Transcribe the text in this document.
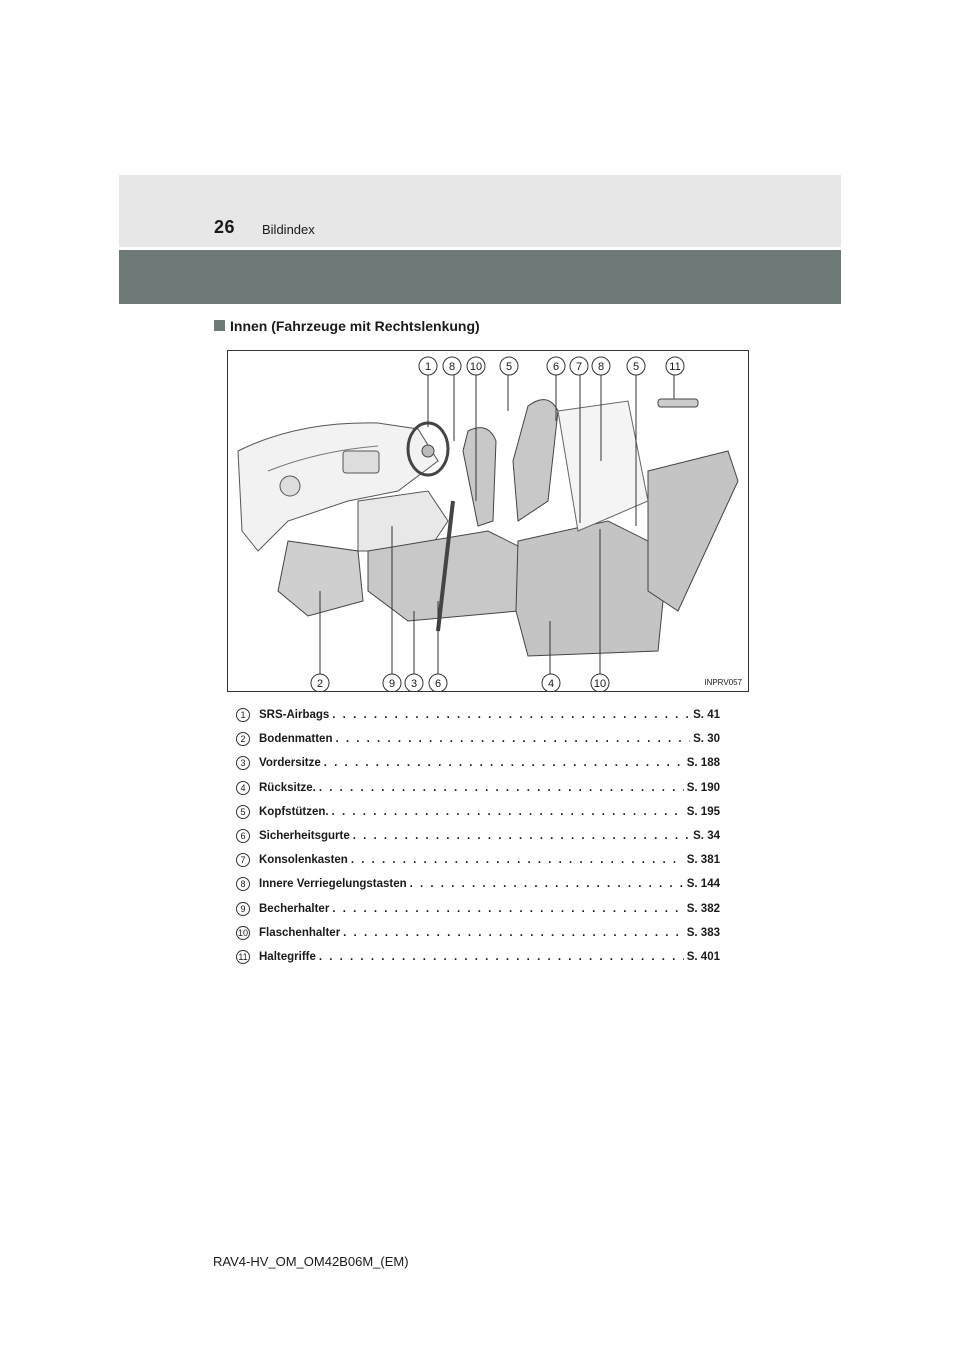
26 Bildindex
Innen (Fahrzeuge mit Rechtslenkung)
1 8 10 5	6 7 8	5	11
2	9 3 6	4	10	INPRV057
1	SRS-Airbags . . .	S. 41
2	Bodenmatten . . .	S. 30
3	Vordersitze . . .	S. 188
4	Rücksitze. . . .	S. 190
5	Kopfstützen. . . .	S. 195
6	Sicherheitsgurte . . .	S. 34
7	Konsolenkasten . . .	S. 381
8	Innere Verriegelungstasten . . .	S. 144
9	Becherhalter . . .	S. 382
10 Flaschenhalter . . .	S. 383
11 Haltegriffe . . .	S. 401
RAV4-HV_OM_OM42B06M_(EM)
